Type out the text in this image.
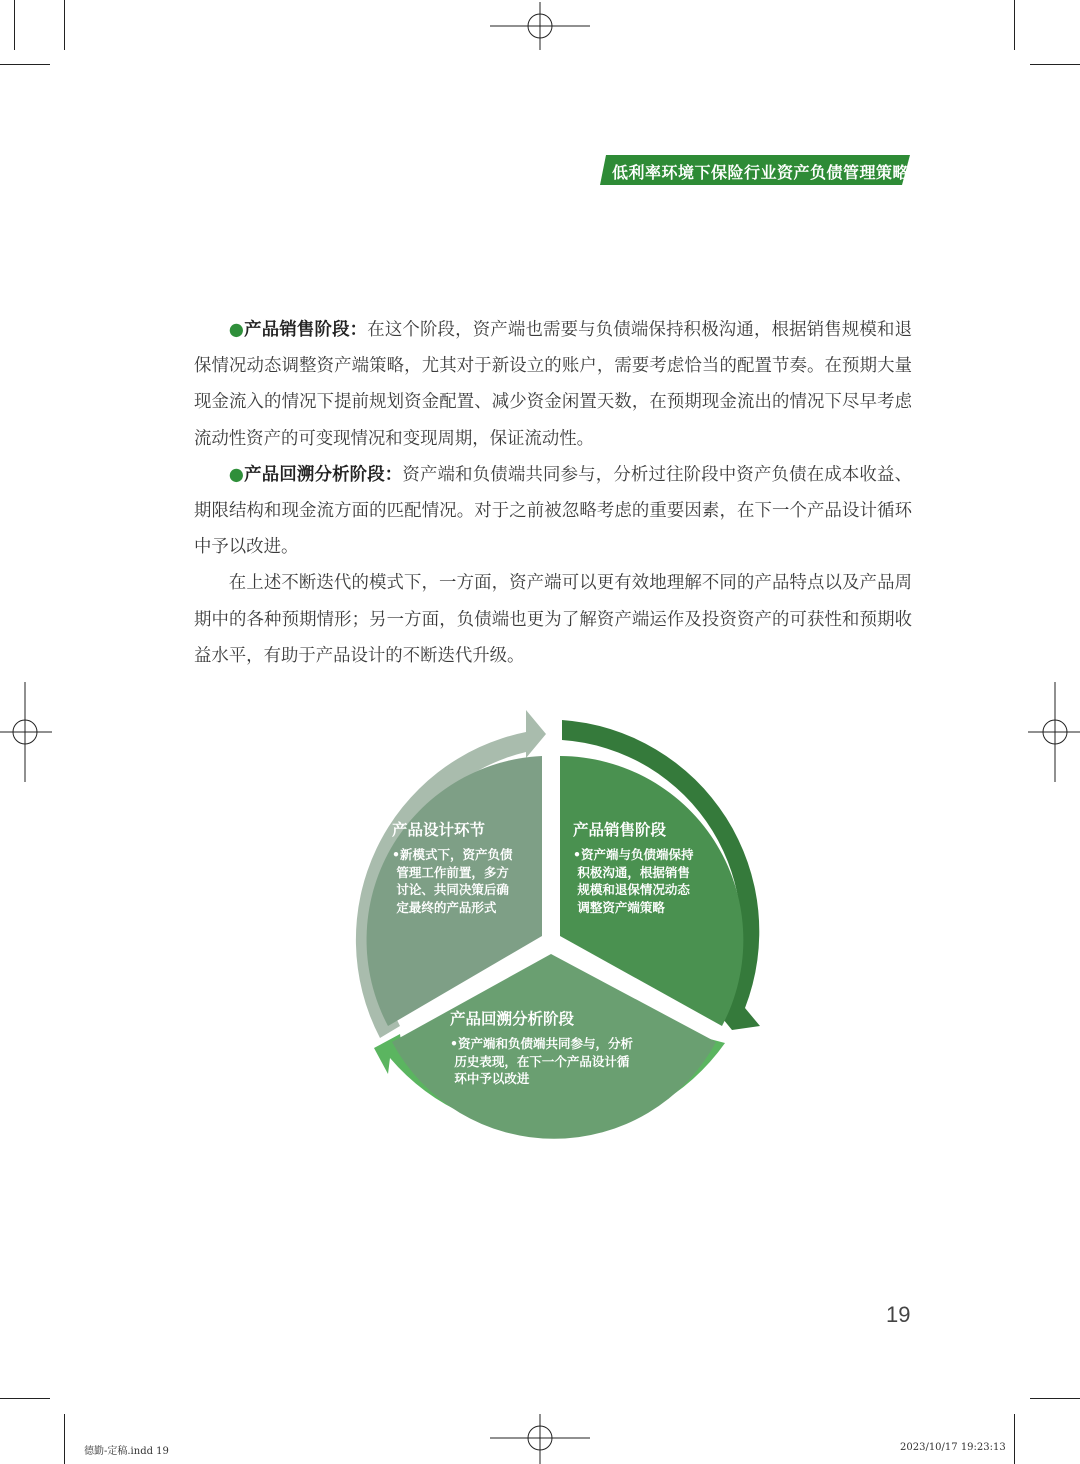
低利率环境下保险行业资产负债管理策略

●产品销售阶段：在这个阶段，资产端也需要与负债端保持积极沟通，根据销售规模和退保情况动态调整资产端策略，尤其对于新设立的账户，需要考虑恰当的配置节奏。在预期大量现金流入的情况下提前规划资金配置、减少资金闲置天数，在预期现金流出的情况下尽早考虑流动性资产的可变现情况和变现周期，保证流动性。

●产品回溯分析阶段：资产端和负债端共同参与，分析过往阶段中资产负债在成本收益、期限结构和现金流方面的匹配情况。对于之前被忽略考虑的重要因素，在下一个产品设计循环中予以改进。

在上述不断迭代的模式下，一方面，资产端可以更有效地理解不同的产品特点以及产品周期中的各种预期情形；另一方面，负债端也更为了解资产端运作及投资资产的可获性和预期收益水平，有助于产品设计的不断迭代升级。

产品设计环节
•新模式下，资产负债
管理工作前置，多方
讨论、共同决策后确
定最终的产品形式
产品销售阶段
•资产端与负债端保持
积极沟通，根据销售
规模和退保情况动态
调整资产端策略
产品回溯分析阶段
•资产端和负债端共同参与，分析
历史表现，在下一个产品设计循
环中予以改进
19
德勤-定稿.indd 19	2023/10/17 19:23:13
